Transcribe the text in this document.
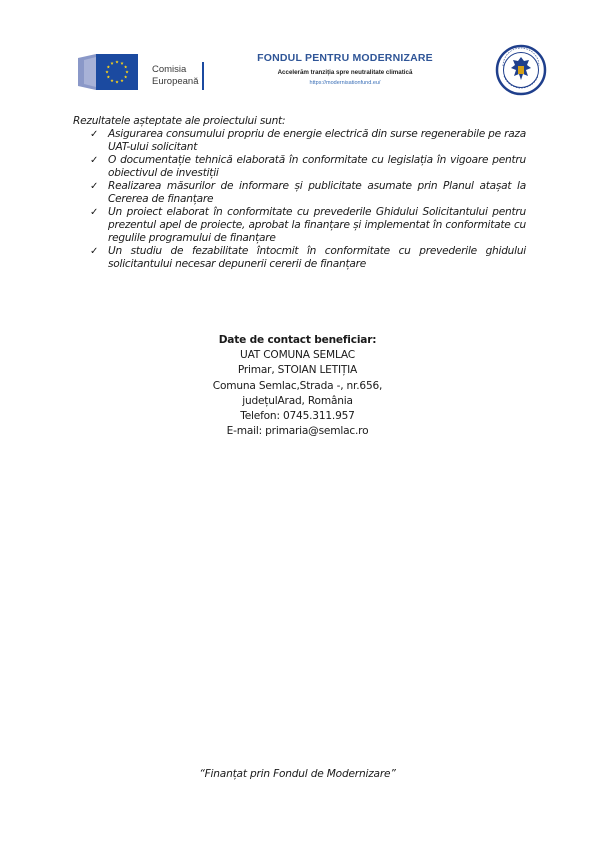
Comisia
Europeană
FONDUL PENTRU MODERNIZARE
Accelerăm tranziția spre neutralitate climatică
https://modernisationfund.eu/

Rezultatele așteptate ale proiectului sunt:

✓ Asigurarea consumului propriu de energie electrică din surse regenerabile pe raza UAT-ului solicitant
✓ O documentație tehnică elaborată în conformitate cu legislația în vigoare pentru obiectivul de investiții
✓ Realizarea măsurilor de informare și publicitate asumate prin Planul atașat la Cererea de finanțare
✓ Un proiect elaborat în conformitate cu prevederile Ghidului Solicitantului pentru prezentul apel de proiecte, aprobat la finanțare și implementat în conformitate cu regulile programului de finanțare
✓ Un studiu de fezabilitate întocmit în conformitate cu prevederile ghidului solicitantului necesar depunerii cererii de finanțare
Date de contact beneficiar:
UAT COMUNA SEMLAC
Primar, STOIAN LETIȚIA
Comuna Semlac,Strada -, nr.656,
județulArad, România
Telefon: 0745.311.957
E-mail: primaria@semlac.ro
“Finanțat prin Fondul de Modernizare”
